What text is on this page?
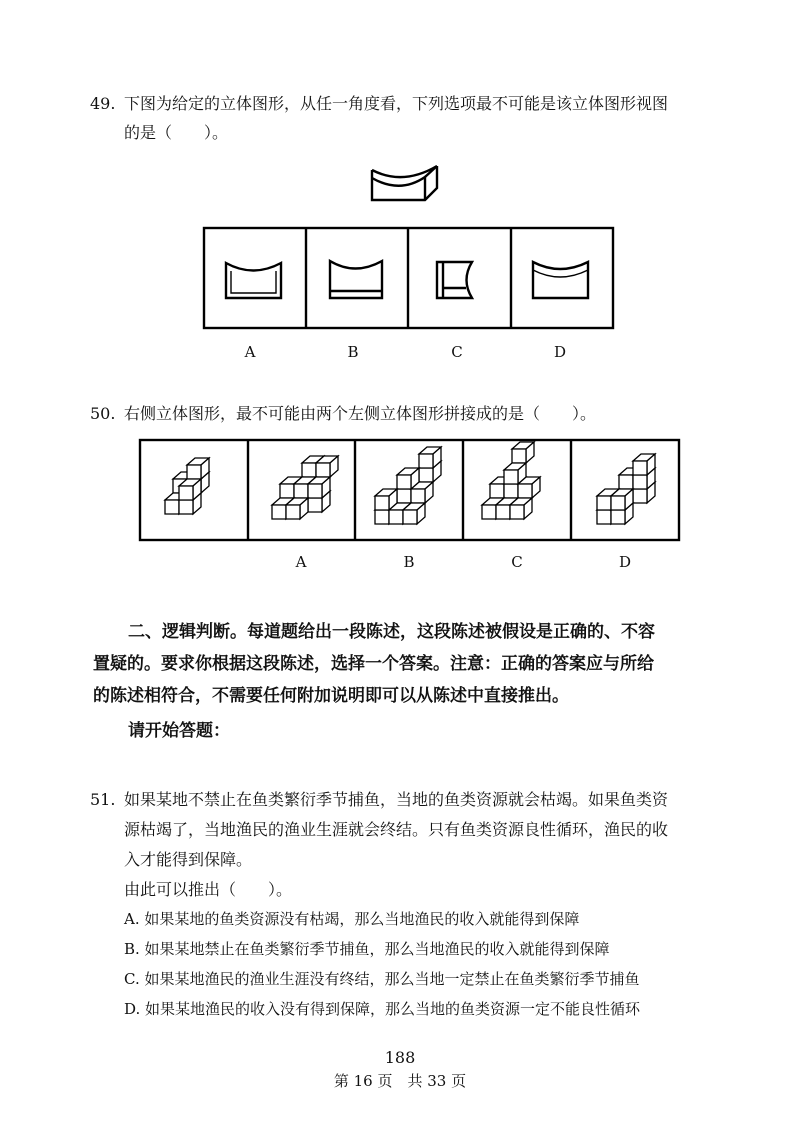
49. 下图为给定的立体图形，从任一角度看，下列选项最不可能是该立体图形视图
的是（　　）。
A	B	C	D
50. 右侧立体图形，最不可能由两个左侧立体图形拼接成的是（　　）。
A	B	C	D
二、逻辑判断。每道题给出一段陈述，这段陈述被假设是正确的、不容
置疑的。要求你根据这段陈述，选择一个答案。注意：正确的答案应与所给
的陈述相符合，不需要任何附加说明即可以从陈述中直接推出。
请开始答题：
51. 如果某地不禁止在鱼类繁衍季节捕鱼，当地的鱼类资源就会枯竭。如果鱼类资
源枯竭了，当地渔民的渔业生涯就会终结。只有鱼类资源良性循环，渔民的收
入才能得到保障。
由此可以推出（　　）。
A. 如果某地的鱼类资源没有枯竭，那么当地渔民的收入就能得到保障
B. 如果某地禁止在鱼类繁衍季节捕鱼，那么当地渔民的收入就能得到保障
C. 如果某地渔民的渔业生涯没有终结，那么当地一定禁止在鱼类繁衍季节捕鱼
D. 如果某地渔民的收入没有得到保障，那么当地的鱼类资源一定不能良性循环
188
第 16 页　共 33 页
